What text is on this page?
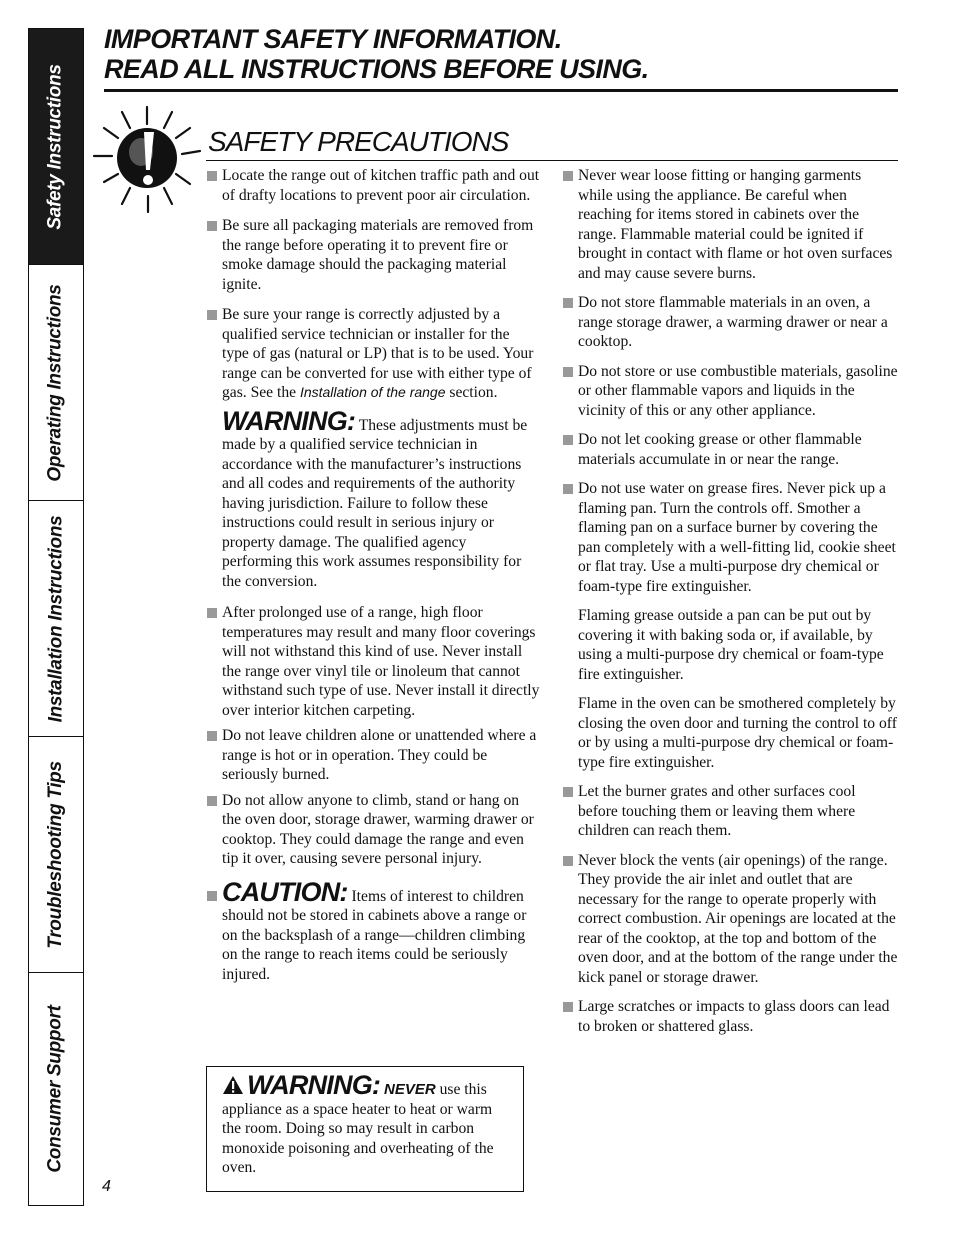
Safety Instructions
Operating Instructions
Installation Instructions
Troubleshooting Tips
Consumer Support
IMPORTANT SAFETY INFORMATION.
READ ALL INSTRUCTIONS BEFORE USING.
SAFETY PRECAUTIONS
Locate the range out of kitchen traffic path and out of drafty locations to prevent poor air circulation.
Be sure all packaging materials are removed from the range before operating it to prevent fire or smoke damage should the packaging material ignite.
Be sure your range is correctly adjusted by a qualified service technician or installer for the type of gas (natural or LP) that is to be used. Your range can be converted for use with either type of gas. See the Installation of the range section.
WARNING: These adjustments must be made by a qualified service technician in accordance with the manufacturer’s instructions and all codes and requirements of the authority having jurisdiction. Failure to follow these instructions could result in serious injury or property damage. The qualified agency performing this work assumes responsibility for the conversion.
After prolonged use of a range, high floor temperatures may result and many floor coverings will not withstand this kind of use. Never install the range over vinyl tile or linoleum that cannot withstand such type of use. Never install it directly over interior kitchen carpeting.
Do not leave children alone or unattended where a range is hot or in operation. They could be seriously burned.
Do not allow anyone to climb, stand or hang on the oven door, storage drawer, warming drawer or cooktop. They could damage the range and even tip it over, causing severe personal injury.
CAUTION: Items of interest to children should not be stored in cabinets above a range or on the backsplash of a range—children climbing on the range to reach items could be seriously injured.
WARNING: NEVER use this appliance as a space heater to heat or warm the room. Doing so may result in carbon monoxide poisoning and overheating of the oven.
Never wear loose fitting or hanging garments while using the appliance. Be careful when reaching for items stored in cabinets over the range. Flammable material could be ignited if brought in contact with flame or hot oven surfaces and may cause severe burns.
Do not store flammable materials in an oven, a range storage drawer, a warming drawer or near a cooktop.
Do not store or use combustible materials, gasoline or other flammable vapors and liquids in the vicinity of this or any other appliance.
Do not let cooking grease or other flammable materials accumulate in or near the range.
Do not use water on grease fires. Never pick up a flaming pan. Turn the controls off. Smother a flaming pan on a surface burner by covering the pan completely with a well-fitting lid, cookie sheet or flat tray. Use a multi-purpose dry chemical or foam-type fire extinguisher.
Flaming grease outside a pan can be put out by covering it with baking soda or, if available, by using a multi-purpose dry chemical or foam-type fire extinguisher.
Flame in the oven can be smothered completely by closing the oven door and turning the control to off or by using a multi-purpose dry chemical or foam-type fire extinguisher.
Let the burner grates and other surfaces cool before touching them or leaving them where children can reach them.
Never block the vents (air openings) of the range. They provide the air inlet and outlet that are necessary for the range to operate properly with correct combustion. Air openings are located at the rear of the cooktop, at the top and bottom of the oven door, and at the bottom of the range under the kick panel or storage drawer.
Large scratches or impacts to glass doors can lead to broken or shattered glass.
4
